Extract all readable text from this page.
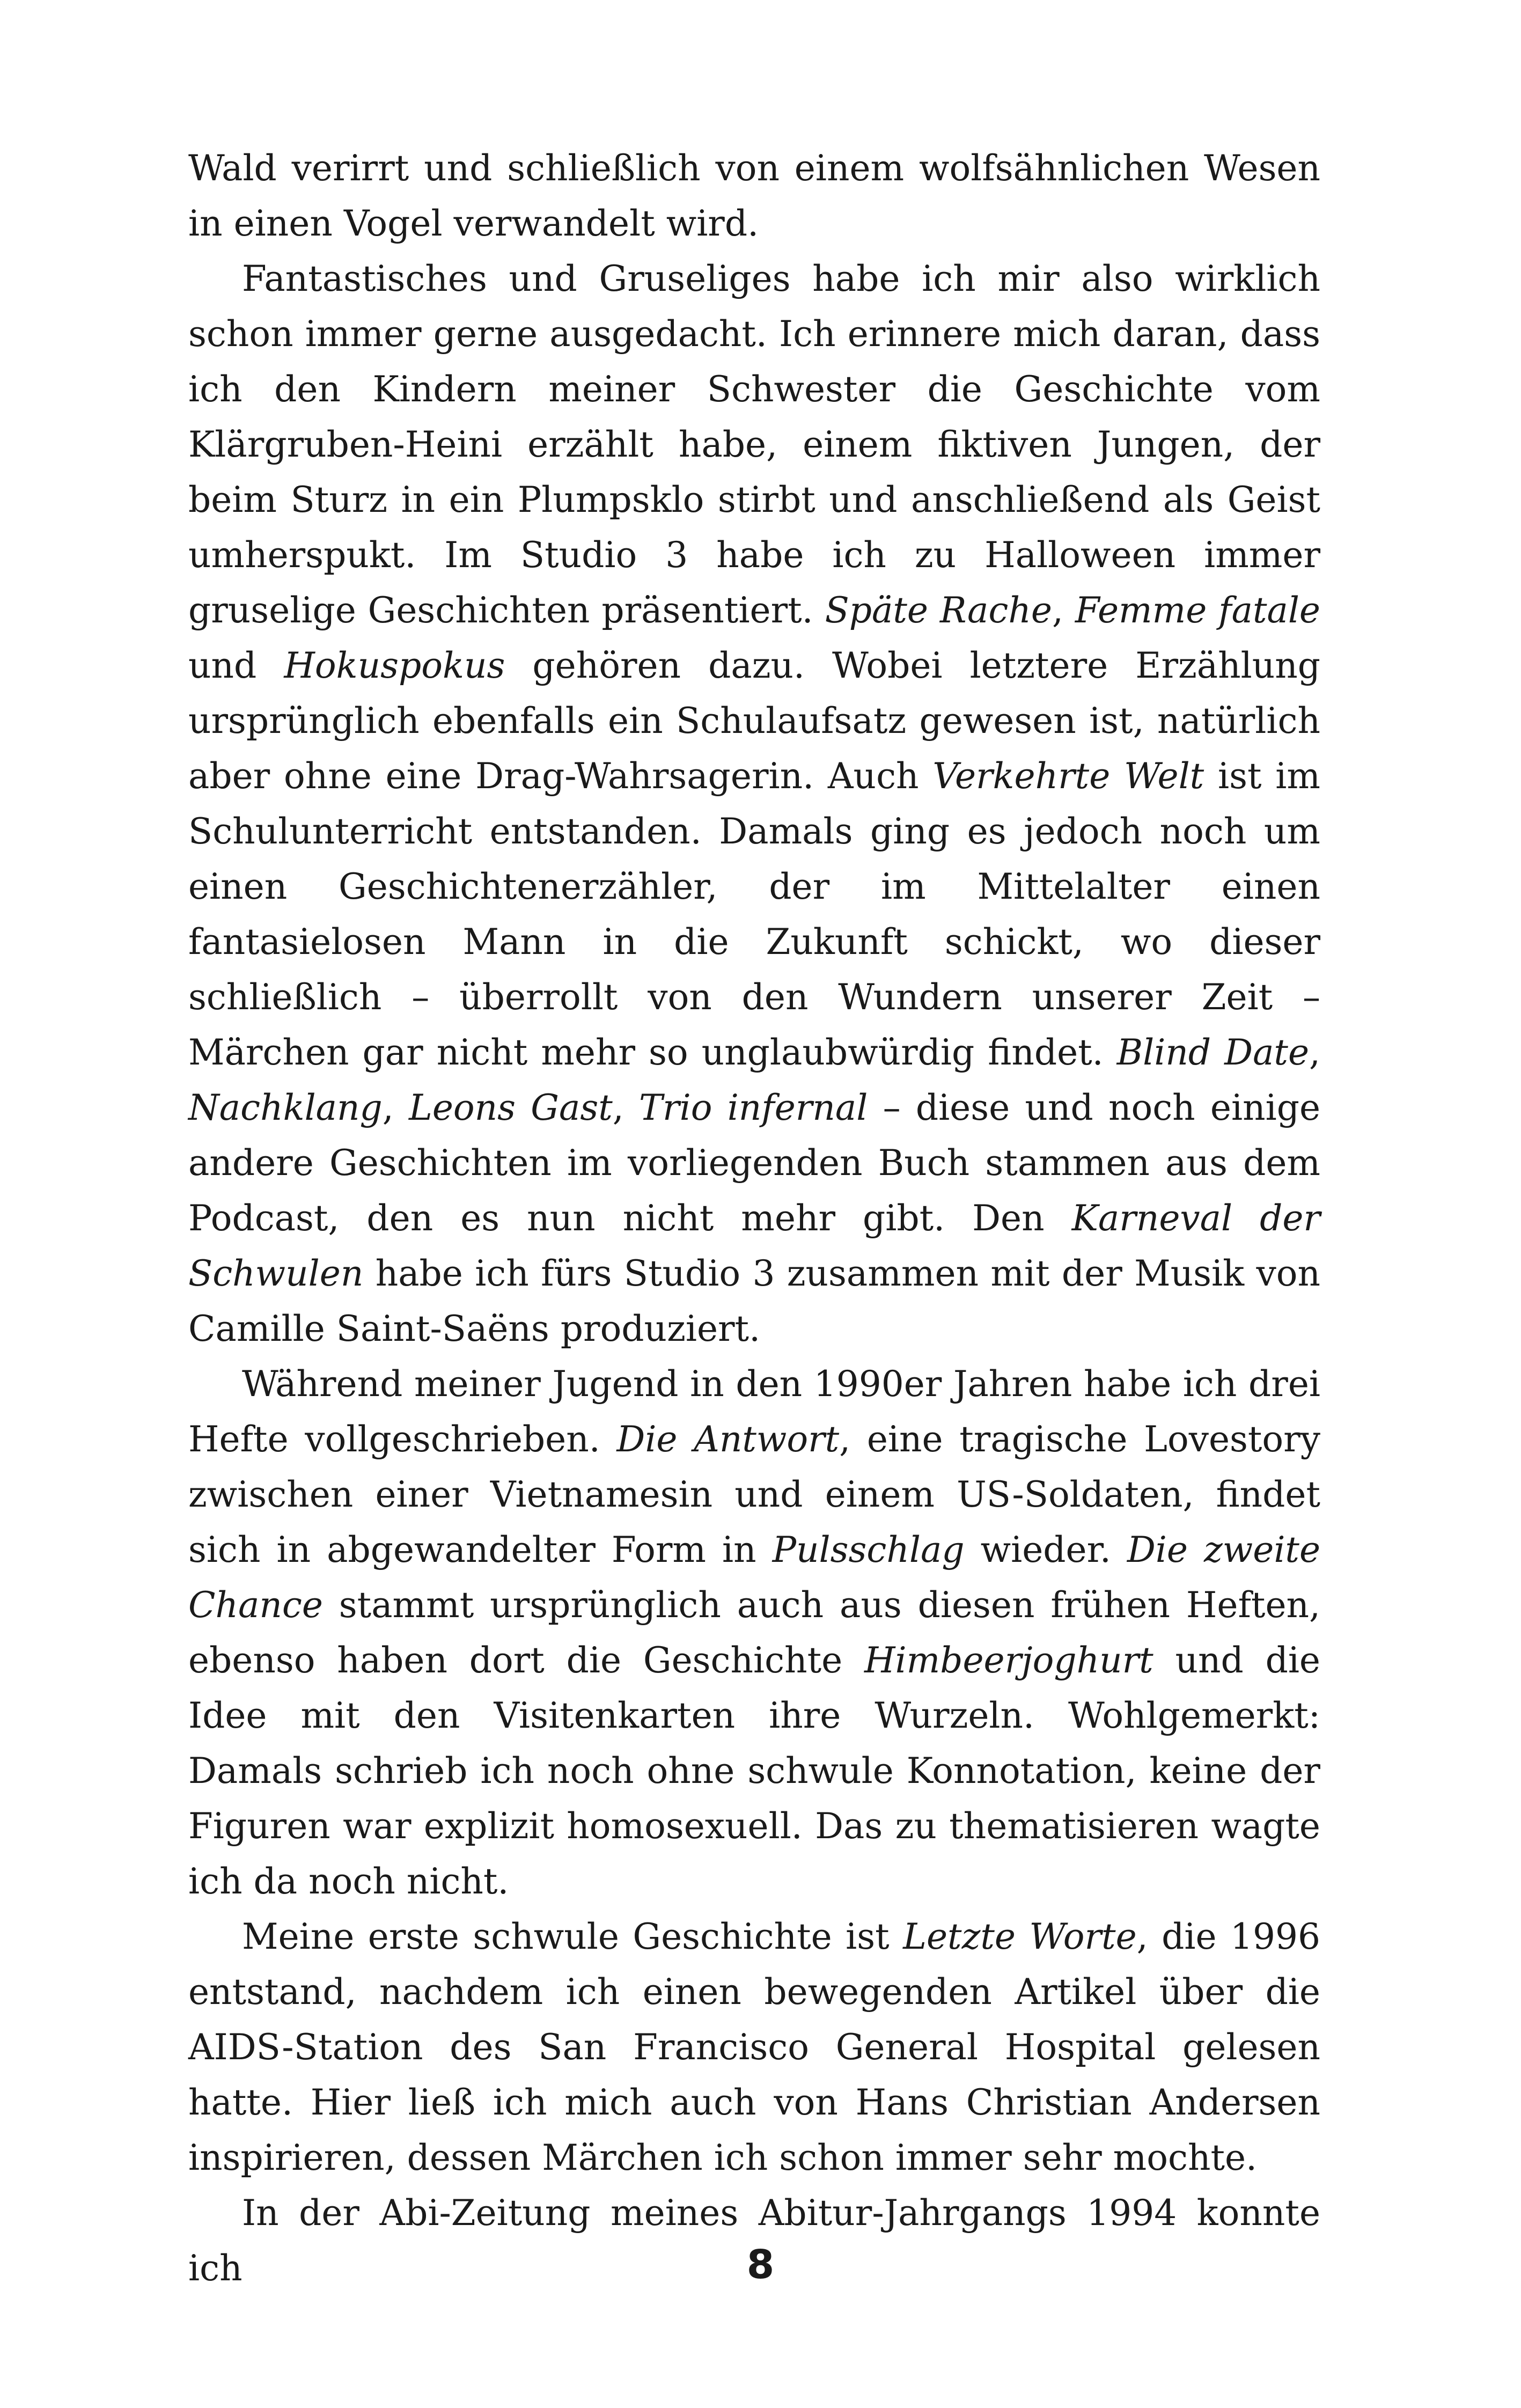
Wald verirrt und schließlich von einem wolfsähnlichen Wesen in einen Vogel verwandelt wird.

Fantastisches und Gruseliges habe ich mir also wirklich schon immer gerne ausgedacht. Ich erinnere mich daran, dass ich den Kindern meiner Schwester die Geschichte vom Klärgruben-Heini erzählt habe, einem fiktiven Jungen, der beim Sturz in ein Plumpsklo stirbt und anschließend als Geist umherspukt. Im Studio 3 habe ich zu Halloween immer gruselige Geschichten präsentiert. Späte Rache, Femme fatale und Hokuspokus gehören dazu. Wobei letztere Erzählung ursprünglich ebenfalls ein Schulaufsatz gewesen ist, natürlich aber ohne eine Drag-Wahrsagerin. Auch Verkehrte Welt ist im Schulunterricht entstanden. Damals ging es jedoch noch um einen Geschichtenerzähler, der im Mittelalter einen fantasielosen Mann in die Zukunft schickt, wo dieser schließlich – überrollt von den Wundern unserer Zeit – Märchen gar nicht mehr so unglaubwürdig findet. Blind Date, Nachklang, Leons Gast, Trio infernal – diese und noch einige andere Geschichten im vorliegenden Buch stammen aus dem Podcast, den es nun nicht mehr gibt. Den Karneval der Schwulen habe ich fürs Studio 3 zusammen mit der Musik von Camille Saint-Saëns produziert.

Während meiner Jugend in den 1990er Jahren habe ich drei Hefte vollgeschrieben. Die Antwort, eine tragische Lovestory zwischen einer Vietnamesin und einem US-Soldaten, findet sich in abgewandelter Form in Pulsschlag wieder. Die zweite Chance stammt ursprünglich auch aus diesen frühen Heften, ebenso haben dort die Geschichte Himbeerjoghurt und die Idee mit den Visitenkarten ihre Wurzeln. Wohlgemerkt: Damals schrieb ich noch ohne schwule Konnotation, keine der Figuren war explizit homosexuell. Das zu thematisieren wagte ich da noch nicht.

Meine erste schwule Geschichte ist Letzte Worte, die 1996 entstand, nachdem ich einen bewegenden Artikel über die AIDS-Station des San Francisco General Hospital gelesen hatte. Hier ließ ich mich auch von Hans Christian Andersen inspirieren, dessen Märchen ich schon immer sehr mochte.

In der Abi-Zeitung meines Abitur-Jahrgangs 1994 konnte ich	8
